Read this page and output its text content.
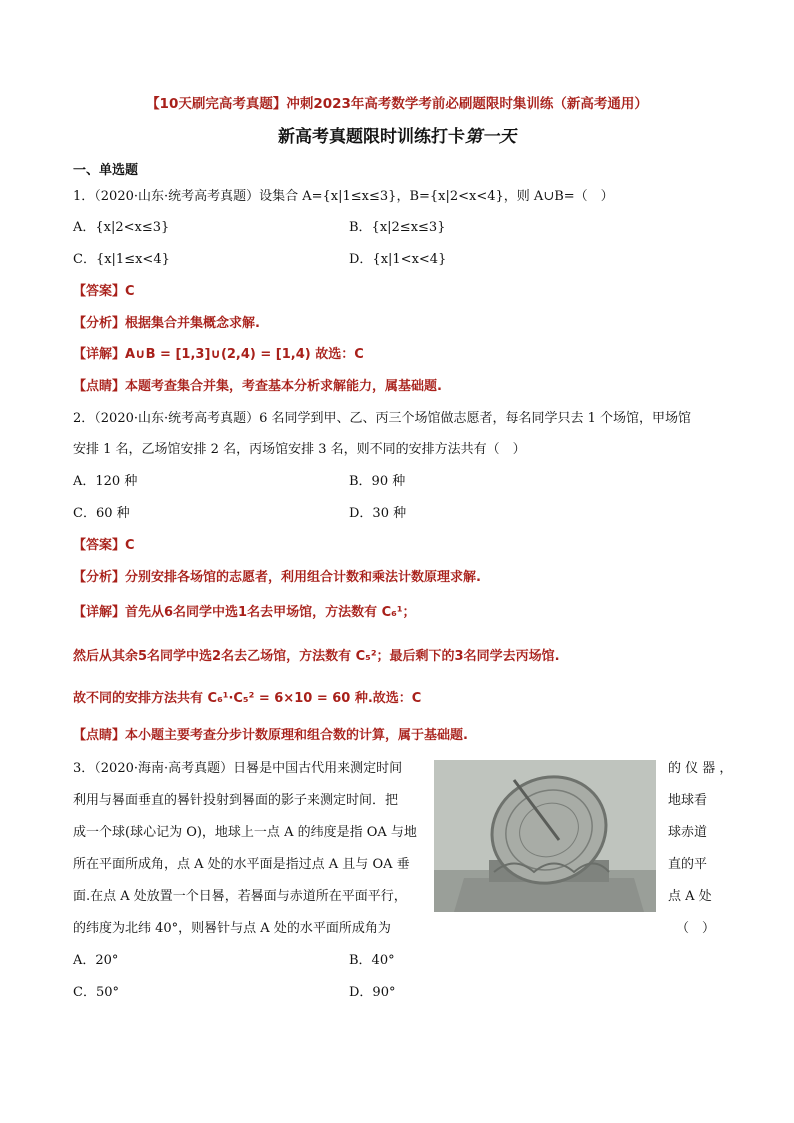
【10天刷完高考真题】冲刺2023年高考数学考前必刷题限时集训练（新高考通用）
新高考真题限时训练打卡第一天
一、单选题
1．（2020·山东·统考高考真题）设集合 A={x|1≤x≤3}，B={x|2<x<4}，则 A∪B=（　）
A．{x|2<x≤3}	B．{x|2≤x≤3}
C．{x|1≤x<4}	D．{x|1<x<4}
【答案】C
【分析】根据集合并集概念求解.
【详解】A∪B = [1,3]∪(2,4) = [1,4) 故选：C
【点睛】本题考查集合并集，考查基本分析求解能力，属基础题.
2．（2020·山东·统考高考真题）6 名同学到甲、乙、丙三个场馆做志愿者，每名同学只去 1 个场馆，甲场馆
安排 1 名，乙场馆安排 2 名，丙场馆安排 3 名，则不同的安排方法共有（　）
A．120 种	B．90 种
C．60 种	D．30 种
【答案】C
【分析】分别安排各场馆的志愿者，利用组合计数和乘法计数原理求解.
【详解】首先从6名同学中选1名去甲场馆，方法数有 C₆¹；
然后从其余5名同学中选2名去乙场馆，方法数有 C₅²；最后剩下的3名同学去丙场馆.
故不同的安排方法共有 C₆¹·C₅² = 6×10 = 60 种.故选：C
【点睛】本小题主要考查分步计数原理和组合数的计算，属于基础题.
3．（2020·海南·高考真题）日晷是中国古代用来测定时间	的 仪 器 ，
利用与晷面垂直的晷针投射到晷面的影子来测定时间．把	地球看
成一个球(球心记为 O)，地球上一点 A 的纬度是指 OA 与地	球赤道
所在平面所成角，点 A 处的水平面是指过点 A 且与 OA 垂	直的平
面.在点 A 处放置一个日晷，若晷面与赤道所在平面平行，	点 A 处
的纬度为北纬 40°，则晷针与点 A 处的水平面所成角为	（　）
A．20°	B．40°
C．50°	D．90°
